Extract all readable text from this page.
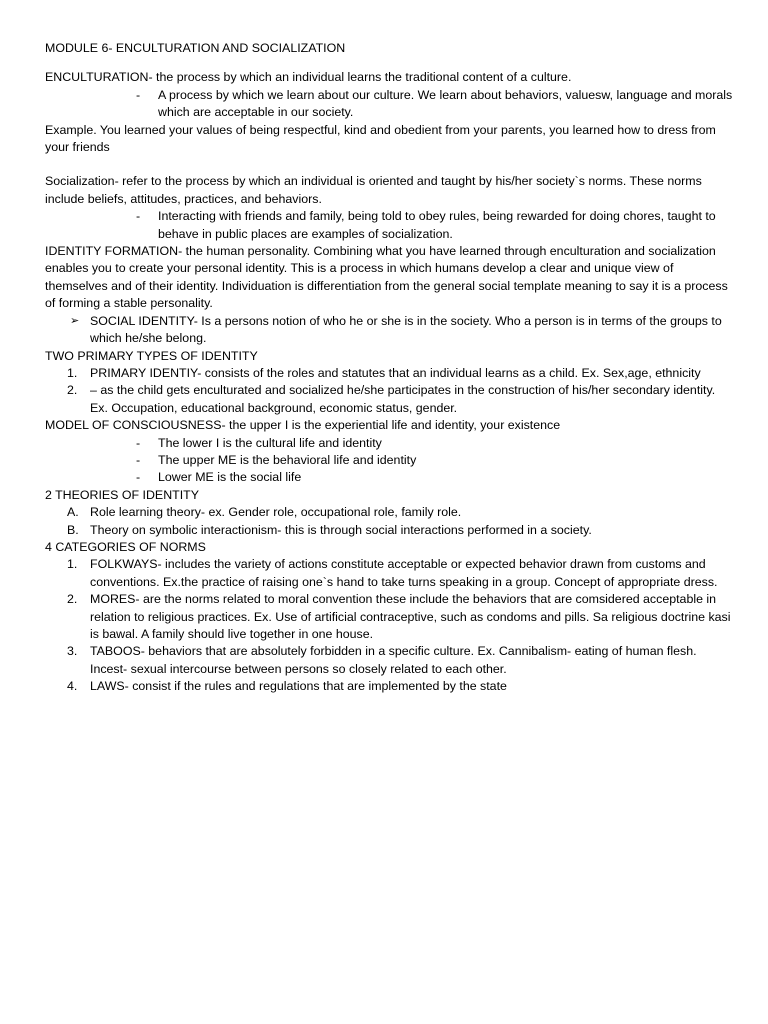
MODULE 6- ENCULTURATION AND SOCIALIZATION

ENCULTURATION- the process by which an individual learns the traditional content of a culture.

- A process by which we learn about our culture. We learn about behaviors, valuesw, language and morals which are acceptable in our society.

Example. You learned your values of being respectful, kind and obedient from your parents, you learned how to dress from your friends

Socialization- refer to the process by which an individual is oriented and taught by his/her society`s norms. These norms include beliefs, attitudes, practices, and behaviors.

- Interacting with friends and family, being told to obey rules, being rewarded for doing chores, taught to behave in public places are examples of socialization.

IDENTITY FORMATION- the human personality. Combining what you have learned through enculturation and socialization enables you to create your personal identity. This is a process in which humans develop a clear and unique view of themselves and of their identity. Individuation is differentiation from the general social template meaning to say it is a process of forming a stable personality.

➢ SOCIAL IDENTITY- Is a persons notion of who he or she is in the society. Who a person is in terms of the groups to which he/she belong.

TWO PRIMARY TYPES OF IDENTITY

1. PRIMARY IDENTIY- consists of the roles and statutes that an individual learns as a child. Ex. Sex,age, ethnicity
2. – as the child gets enculturated and socialized he/she participates in the construction of his/her secondary identity. Ex. Occupation, educational background, economic status, gender.

MODEL OF CONSCIOUSNESS- the upper I is the experiential life and identity, your existence

- The lower I is the cultural life and identity
- The upper ME is the behavioral life and identity
- Lower ME is the social life

2 THEORIES OF IDENTITY

A. Role learning theory- ex. Gender role, occupational role, family role.
B. Theory on symbolic interactionism- this is through social interactions performed in a society.

4 CATEGORIES OF NORMS

1. FOLKWAYS- includes the variety of actions constitute acceptable or expected behavior drawn from customs and conventions. Ex.the practice of raising one`s hand to take turns speaking in a group. Concept of appropriate dress.
2. MORES- are the norms related to moral convention these include the behaviors that are comsidered acceptable in relation to religious practices. Ex. Use of artificial contraceptive, such as condoms and pills. Sa religious doctrine kasi is bawal. A family should live together in one house.
3. TABOOS- behaviors that are absolutely forbidden in a specific culture. Ex. Cannibalism- eating of human flesh. Incest- sexual intercourse between persons so closely related to each other.
4. LAWS- consist if the rules and regulations that are implemented by the state
